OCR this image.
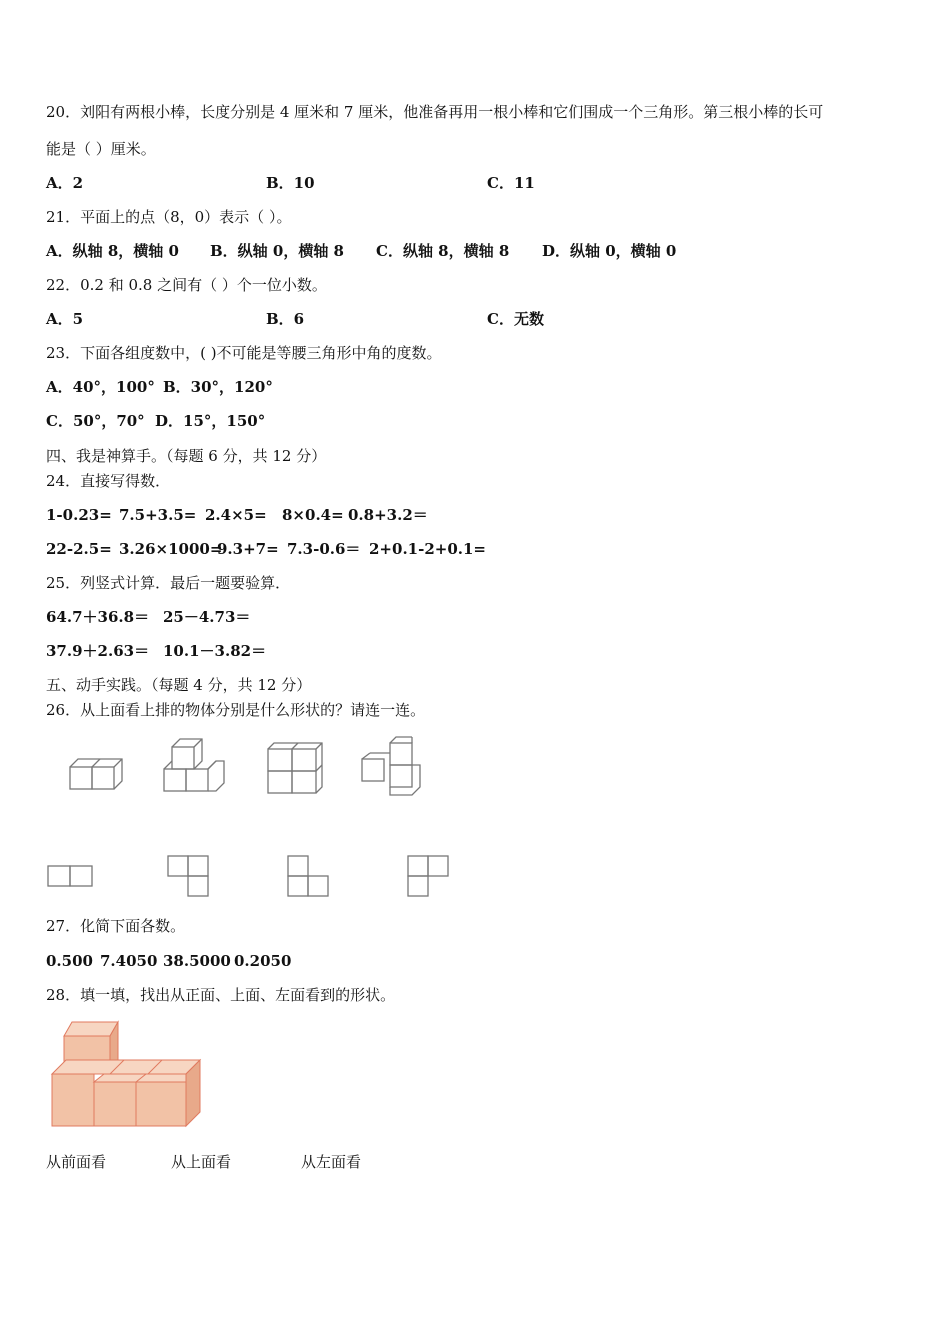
20．刘阳有两根小棒，长度分别是 4 厘米和 7 厘米，他准备再用一根小棒和它们围成一个三角形。第三根小棒的长可
能是（ ）厘米。
A．2	B．10	C．11
21．平面上的点（8，0）表示（ ）。
A．纵轴 8，横轴 0 B．纵轴 0，横轴 8 C．纵轴 8，横轴 8 D．纵轴 0，横轴 0
22．0.2 和 0.8 之间有（ ）个一位小数。
A．5	B．6	C．无数
23．下面各组度数中，( )不可能是等腰三角形中角的度数。
A．40°，100° B．30°，120°
C．50°，70° D．15°，150°
四、我是神算手。（每题 6 分，共 12 分）
24．直接写得数．
1-0.23= 7.5+3.5= 2.4×5= 8×0.4= 0.8+3.2＝
22-2.5= 3.26×1000=
9.3+7= 7.3-0.6＝ 2+0.1-2+0.1=
25．列竖式计算．最后一题要验算．
64.7＋36.8＝ 25－4.73＝
37.9＋2.63＝ 10.1－3.82＝
五、动手实践。（每题 4 分，共 12 分）
26．从上面看上排的物体分别是什么形状的？请连一连。
27．化简下面各数。
0.500 7.4050 38.5000 0.2050
28．填一填，找出从正面、上面、左面看到的形状。
从前面看	从上面看	从左面看
